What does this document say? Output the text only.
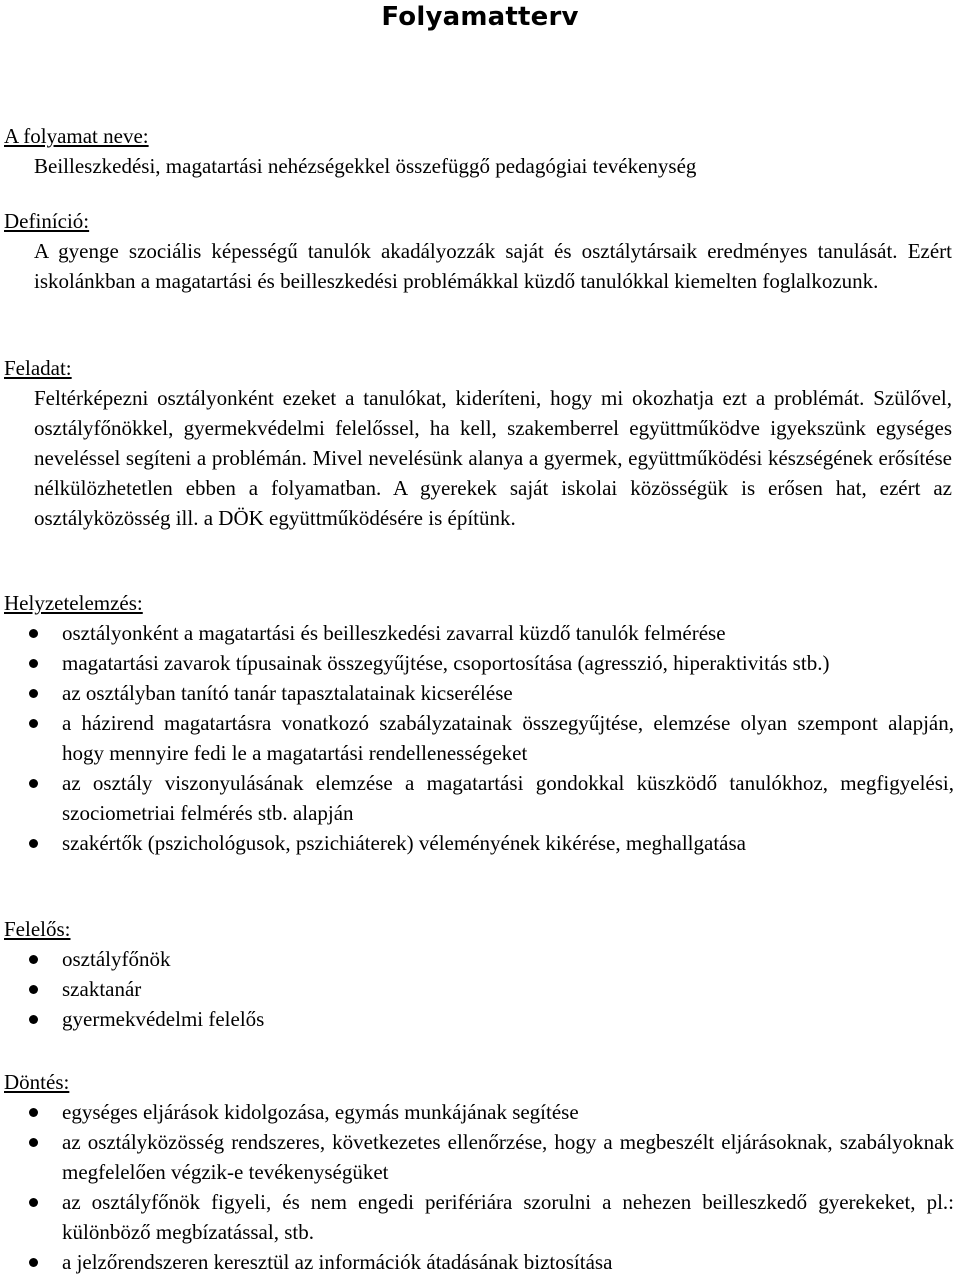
Folyamatterv
A folyamat neve:

Beilleszkedési, magatartási nehézségekkel összefüggő pedagógiai tevékenység

Definíció:

A gyenge szociális képességű tanulók akadályozzák saját és osztálytársaik eredményes tanulását. Ezért iskolánkban a magatartási és beilleszkedési problémákkal küzdő tanulókkal kiemelten foglalkozunk.

Feladat:

Feltérképezni osztályonként ezeket a tanulókat, kideríteni, hogy mi okozhatja ezt a problémát. Szülővel, osztályfőnökkel, gyermekvédelmi felelőssel, ha kell, szakemberrel együttműködve igyekszünk egységes neveléssel segíteni a problémán. Mivel nevelésünk alanya a gyermek, együttműködési készségének erősítése nélkülözhetetlen ebben a folyamatban. A gyerekek saját iskolai közösségük is erősen hat, ezért az osztályközösség ill. a DÖK együttműködésére is építünk.

Helyzetelemzés:
osztályonként a magatartási és beilleszkedési zavarral küzdő tanulók felmérése
magatartási zavarok típusainak összegyűjtése, csoportosítása (agresszió, hiperaktivitás stb.)
az osztályban tanító tanár tapasztalatainak kicserélése
a házirend magatartásra vonatkozó szabályzatainak összegyűjtése, elemzése olyan szempont alapján, hogy mennyire fedi le a magatartási rendellenességeket
az osztály viszonyulásának elemzése a magatartási gondokkal küszködő tanulókhoz, megfigyelési, szociometriai felmérés stb. alapján
szakértők (pszichológusok, pszichiáterek) véleményének kikérése, meghallgatása
Felelős:
osztályfőnök
szaktanár
gyermekvédelmi felelős
Döntés:
egységes eljárások kidolgozása, egymás munkájának segítése
az osztályközösség rendszeres, következetes ellenőrzése, hogy a megbeszélt eljárásoknak, szabályoknak megfelelően végzik-e tevékenységüket
az osztályfőnök figyeli, és nem engedi perifériára szorulni a nehezen beilleszkedő gyerekeket, pl.: különböző megbízatással, stb.
a jelzőrendszeren keresztül az információk átadásának biztosítása
